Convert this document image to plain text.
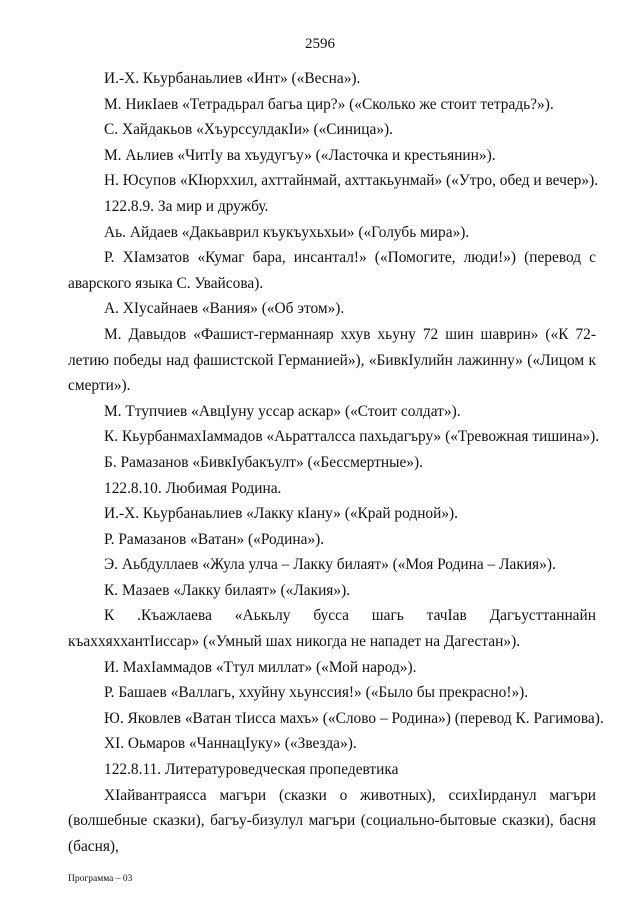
2596

И.-Х. Кьурбанаьлиев «Инт» («Весна»).

М. НикIаев «Тетрадьрал багьа цир?» («Сколько же стоит тетрадь?»).

С. Хайдакьов «ХъурссулдакIи» («Синица»).

М. Аьлиев «ЧитIу ва хъудугъу» («Ласточка и крестьянин»).

Н. Юсупов «КIюрххил, ахттайнмай, ахттакьунмай» («Утро, обед и вечер»).

122.8.9. За мир и дружбу.

Аь. Айдаев «Дакьаврил къукъухьхьи» («Голубь мира»).

Р. ХIамзатов «Кумаг бара, инсантал!» («Помогите, люди!») (перевод с аварского языка С. Увайсова).

А. ХIусайнаев «Вания» («Об этом»).

М. Давыдов «Фашист-германнаяр ххув хьуну 72 шин шаврин» («К 72-летию победы над фашистской Германией»), «БивкIулийн лажинну» («Лицом к смерти»).

М. Ттупчиев «АвцIуну уссар аскар» («Стоит солдат»).

К. КьурбанмахIаммадов «Аьратталсса пахьдагъру» («Тревожная тишина»).

Б. Рамазанов «БивкIубакъулт» («Бессмертные»).

122.8.10. Любимая Родина.

И.-Х. Кьурбанаьлиев «Лакку кIану» («Край родной»).

Р. Рамазанов «Ватан» («Родина»).

Э. Аьбдуллаев «Жула улча – Лакку билаят» («Моя Родина – Лакия»).

К. Мазаев «Лакку билаят» («Лакия»).

К .Къажлаева «Аькьлу бусса шагь тачIав Дагъусттаннайн къаххяххантIиссар» («Умный шах никогда не нападет на Дагестан»).

И. МахIаммадов «Ттул миллат» («Мой народ»).

Р. Башаев «Валлагь, ххуйну хьунссия!» («Было бы прекрасно!»).

Ю. Яковлев «Ватан тIисса махъ» («Слово – Родина») (перевод К. Рагимова).

ХI. Оьмаров «ЧаннацIуку» («Звезда»).

122.8.11. Литературоведческая пропедевтика

ХIайвантраясса магъри (сказки о животных), ссихIирданул магъри (волшебные сказки), багъу-бизулул магъри (социально-бытовые сказки), басня (басня),

Программа – 03
